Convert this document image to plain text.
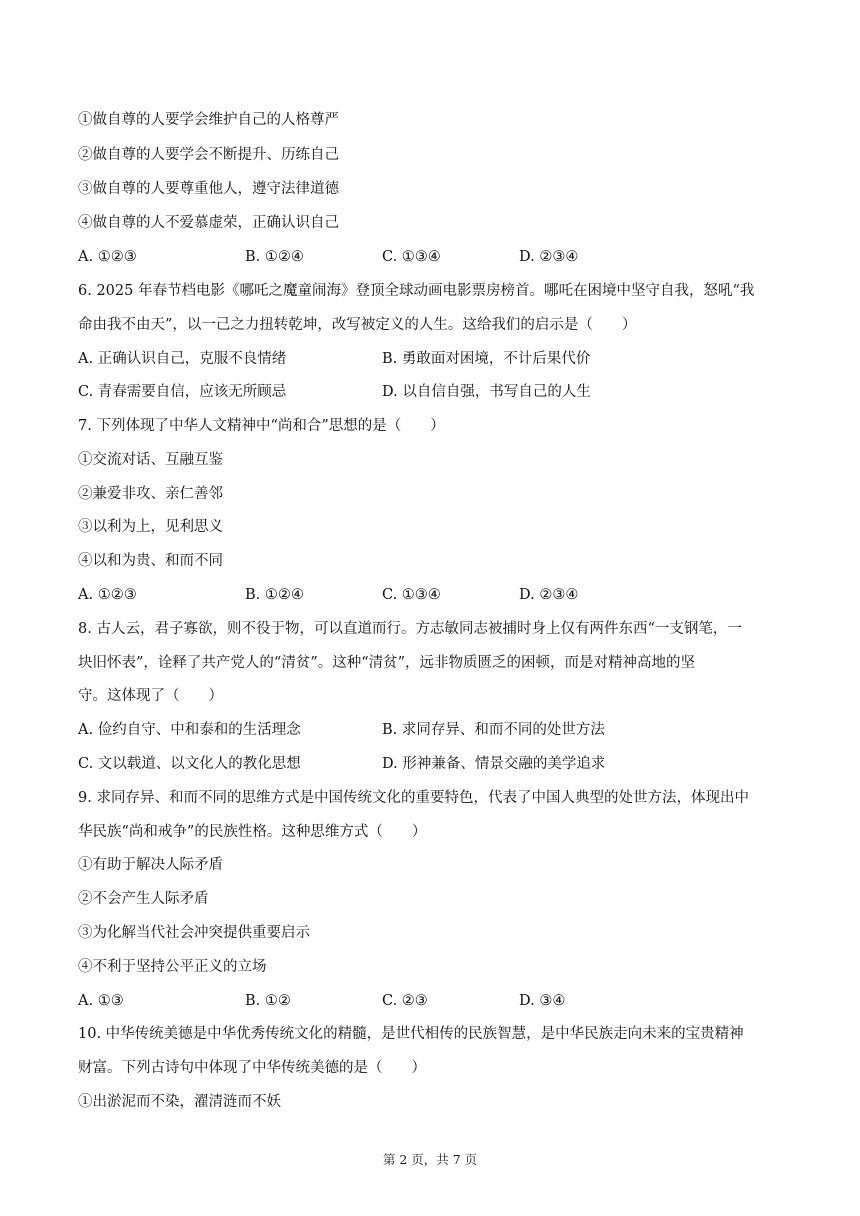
①做自尊的人要学会维护自己的人格尊严
②做自尊的人要学会不断提升、历练自己
③做自尊的人要尊重他人，遵守法律道德
④做自尊的人不爱慕虚荣，正确认识自己
A. ①②③	B. ①②④	C. ①③④	D. ②③④
6. 2025 年春节档电影《哪吒之魔童闹海》登顶全球动画电影票房榜首。哪吒在困境中坚守自我，怒吼“我
命由我不由天”，以一己之力扭转乾坤，改写被定义的人生。这给我们的启示是（　　）
A. 正确认识自己，克服不良情绪	B. 勇敢面对困境，不计后果代价
C. 青春需要自信，应该无所顾忌	D. 以自信自强，书写自己的人生
7. 下列体现了中华人文精神中“尚和合”思想的是（　　）
①交流对话、互融互鉴
②兼爱非攻、亲仁善邻
③以利为上，见利思义
④以和为贵、和而不同
A. ①②③	B. ①②④	C. ①③④	D. ②③④
8. 古人云，君子寡欲，则不役于物，可以直道而行。方志敏同志被捕时身上仅有两件东西“一支钢笔，一
块旧怀表”，诠释了共产党人的“清贫”。这种“清贫”，远非物质匮乏的困顿，而是对精神高地的坚
守。这体现了（　　）
A. 俭约自守、中和泰和的生活理念	B. 求同存异、和而不同的处世方法
C. 文以载道、以文化人的教化思想	D. 形神兼备、情景交融的美学追求
9. 求同存异、和而不同的思维方式是中国传统文化的重要特色，代表了中国人典型的处世方法，体现出中
华民族“尚和戒争”的民族性格。这种思维方式（　　）
①有助于解决人际矛盾
②不会产生人际矛盾
③为化解当代社会冲突提供重要启示
④不利于坚持公平正义的立场
A. ①③	B. ①②	C. ②③	D. ③④
10. 中华传统美德是中华优秀传统文化的精髓，是世代相传的民族智慧，是中华民族走向未来的宝贵精神
财富。下列古诗句中体现了中华传统美德的是（　　）
①出淤泥而不染，濯清涟而不妖
第 2 页，共 7 页
